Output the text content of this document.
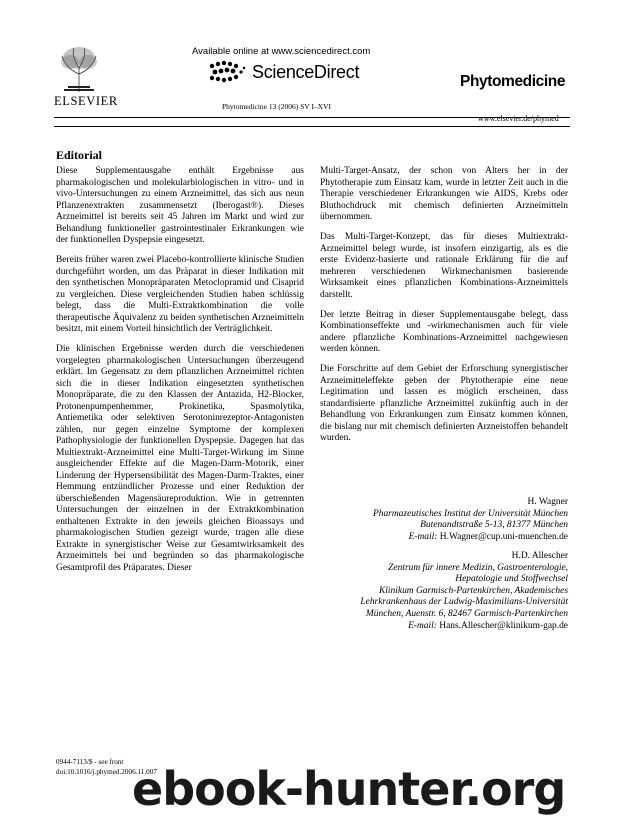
Available online at www.sciencedirect.com
ScienceDirect
ELSEVIER	Phytomedicine 13 (2006) SV I–XVI
Phytomedicine
www.elsevier.de/phymed
Editorial

Diese Supplementausgabe enthält Ergebnisse aus pharmakologischen und molekularbiologischen in vitro- und in vivo-Untersuchungen zu einem Arzneimittel, das sich aus neun Pflanzenextrakten zusammensetzt (Iberogast®). Dieses Arzneimittel ist bereits seit 45 Jahren im Markt und wird zur Behandlung funktioneller gastrointestinaler Erkrankungen wie der funktionellen Dyspepsie eingesetzt.

Bereits früher waren zwei Placebo-kontrollierte klinische Studien durchgeführt worden, um das Präparat in dieser Indikation mit den synthetischen Monopräparaten Metoclopramid und Cisaprid zu vergleichen. Diese vergleichenden Studien haben schlüssig belegt, dass die Multi-Extraktkombination die volle therapeutische Äquivalenz zu beiden synthetischen Arzneimitteln besitzt, mit einem Vorteil hinsichtlich der Verträglichkeit.

Die klinischen Ergebnisse werden durch die verschiedenen vorgelegten pharmakologischen Untersuchungen überzeugend erklärt. Im Gegensatz zu dem pflanzlichen Arzneimittel richten sich die in dieser Indikation eingesetzten synthetischen Monopräparate, die zu den Klassen der Antazida, H2-Blocker, Protonenpumpenhemmer, Prokinetika, Spasmolytika, Antiemetika oder selektiven Serotoninrezeptor-Antagonisten zählen, nur gegen einzelne Symptome der komplexen Pathophysiologie der funktionellen Dyspepsie. Dagegen hat das Multiextrakt-Arzneimittel eine Multi-Target-Wirkung im Sinne ausgleichender Effekte auf die Magen-Darm-Motorik, einer Linderung der Hypersensibilität des Magen-Darm-Traktes, einer Hemmung entzündlicher Prozesse und einer Reduktion der überschießenden Magensäureproduktion. Wie in getrennten Untersuchungen der einzelnen in der Extraktkombination enthaltenen Extrakte in den jeweils gleichen Bioassays und pharmakologischen Studien gezeigt wurde, tragen alle diese Extrakte in synergistischer Weise zur Gesamtwirksamkeit des Arzneimittels bei und begründen so das pharmakologische Gesamtprofil des Präparates. Dieser

Multi-Target-Ansatz, der schon von Alters her in der Phytotherapie zum Einsatz kam, wurde in letzter Zeit auch in die Therapie verschiedener Erkrankungen wie AIDS, Krebs oder Bluthochdruck mit chemisch definierten Arzneimitteln übernommen.

Das Multi-Target-Konzept, das für dieses Multiextrakt-Arzneimittel belegt wurde, ist insofern einzigartig, als es die erste Evidenz-basierte und rationale Erklärung für die auf mehreren verschiedenen Wirkmechanismen basierende Wirksamkeit eines pflanzlichen Kombinations-Arzneimittels darstellt.

Der letzte Beitrag in dieser Supplementausgabe belegt, dass Kombinationseffekte und -wirkmechanismen auch für viele andere pflanzliche Kombinations-Arzneimittel nachgewiesen werden können.

Die Forschritte auf dem Gebiet der Erforschung synergistischer Arzneimitteleffekte geben der Phytotherapie eine neue Legitimation und lassen es möglich erscheinen, dass standardisierte pflanzliche Arzneimittel zukünftig auch in der Behandlung von Erkrankungen zum Einsatz kommen können, die bislang nur mit chemisch definierten Arzneistoffen behandelt wurden.

H. Wagner
Pharmazeutisches Institut der Universität München
Butenandtstraße 5-13, 81377 München
E-mail: H.Wagner@cup.uni-muenchen.de
H.D. Allescher
Zentrum für innere Medizin, Gastroenterologie,
Hepatologie und Stoffwechsel
Klinikum Garmisch-Partenkirchen, Akademisches
Lehrkrankenhaus der Ludwig-Maximilians-Universität
München, Auenstr. 6, 82467 Garmisch-Partenkirchen
E-mail: Hans.Allescher@klinikum-gap.de
0944-7113/$ - see front
doi:10.1016/j.phymed.2006.11.007
ebook-hunter.org
